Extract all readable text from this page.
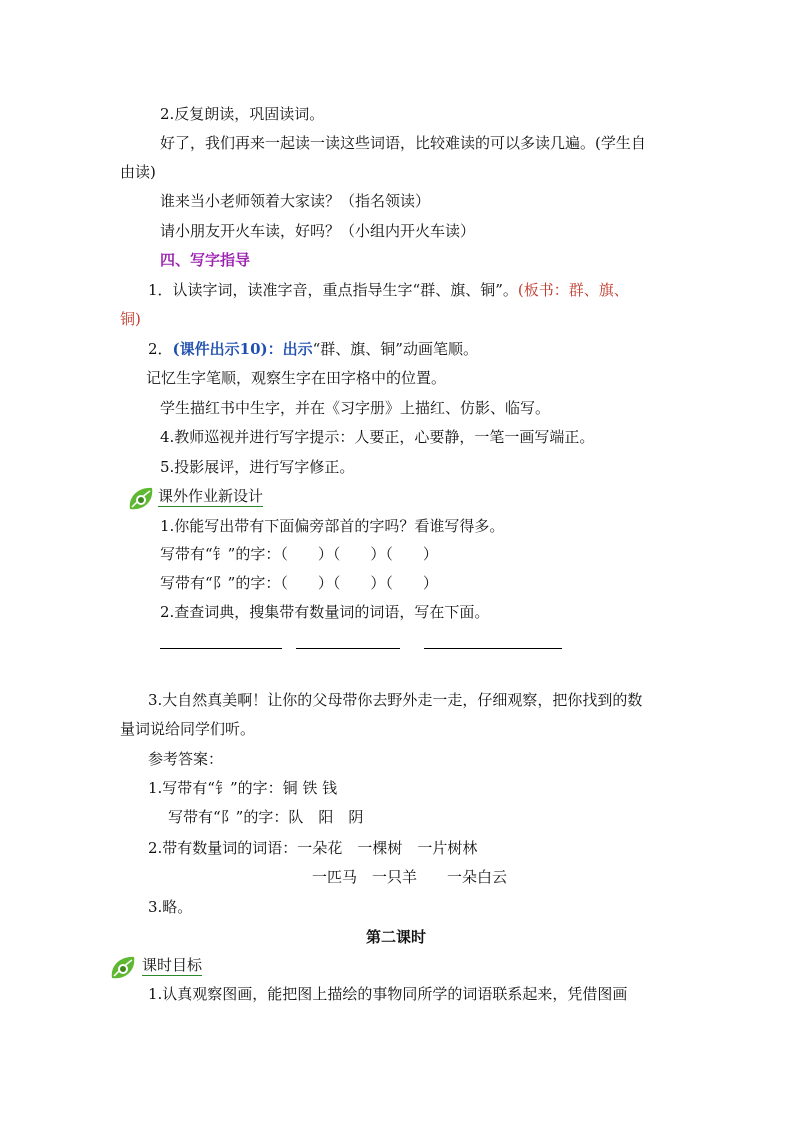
2.反复朗读，巩固读词。
好了，我们再来一起读一读这些词语，比较难读的可以多读几遍。(学生自
由读)
谁来当小老师领着大家读？（指名领读）
请小朋友开火车读，好吗？（小组内开火车读）
四、写字指导
1．认读字词，读准字音，重点指导生字“群、旗、铜”。(板书：群、旗、
铜)
2．(课件出示10)：出示“群、旗、铜”动画笔顺。
记忆生字笔顺，观察生字在田字格中的位置。
学生描红书中生字，并在《习字册》上描红、仿影、临写。
4.教师巡视并进行写字提示：人要正，心要静，一笔一画写端正。
5.投影展评，进行写字修正。
课外作业新设计
1.你能写出带有下面偏旁部首的字吗？看谁写得多。
写带有“钅”的字：（　　）（　　）（　　）
写带有“阝”的字：（　　）（　　）（　　）
2.查查词典，搜集带有数量词的词语，写在下面。
3.大自然真美啊！让你的父母带你去野外走一走，仔细观察，把你找到的数
量词说给同学们听。
参考答案：
1.写带有“钅”的字：铜 铁 钱
写带有“阝”的字：队　阳　阴
2.带有数量词的词语：一朵花　一棵树　一片树林
一匹马　一只羊　　一朵白云
3.略。
第二课时
课时目标
1.认真观察图画，能把图上描绘的事物同所学的词语联系起来，凭借图画
